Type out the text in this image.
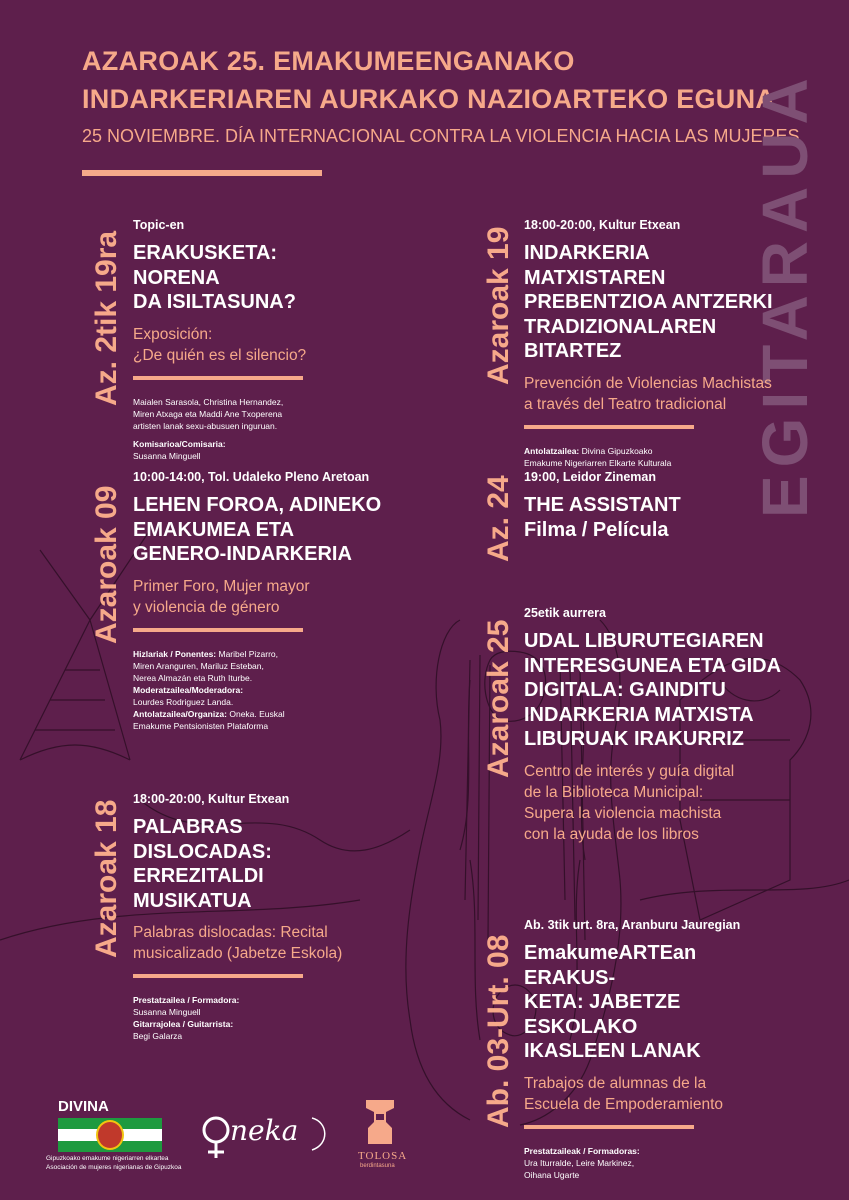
AZAROAK 25. EMAKUMEENGANAKO
INDARKERIAREN AURKAKO NAZIOARTEKO EGUNA
25 NOVIEMBRE. DÍA INTERNACIONAL CONTRA LA VIOLENCIA HACIA LAS MUJERES
EGITARAUA
Az. 2tik 19ra
Topic-en
ERAKUSKETA: NORENA
DA ISILTASUNA?
Exposición:
¿De quién es el silencio?
Maialen Sarasola, Christina Hernandez,
Miren Atxaga eta Maddi Ane Txoperena
artisten lanak sexu-abusuen inguruan.
Komisarioa/Comisaria:
Susanna Minguell
Azaroak 09
10:00-14:00, Tol. Udaleko Pleno Aretoan
LEHEN FOROA, ADINEKO
EMAKUMEA ETA
GENERO-INDARKERIA
Primer Foro, Mujer mayor
y violencia de género
Hizlariak / Ponentes: Maribel Pizarro,
Miren Aranguren, Mariluz Esteban,
Nerea Almazán eta Ruth Iturbe.
Moderatzailea/Moderadora:
Lourdes Rodriguez Landa.
Antolatzailea/Organiza: Oneka. Euskal
Emakume Pentsionisten Plataforma
Azaroak 18
18:00-20:00, Kultur Etxean
PALABRAS DISLOCADAS:
ERREZITALDI MUSIKATUA
Palabras dislocadas: Recital
musicalizado (Jabetze Eskola)
Prestatzailea / Formadora:
Susanna Minguell
Gitarrajolea / Guitarrista:
Begi Galarza
Azaroak 19
18:00-20:00, Kultur Etxean
INDARKERIA MATXISTAREN
PREBENTZIOA ANTZERKI
TRADIZIONALAREN BITARTEZ
Prevención de Violencias Machistas
a través del Teatro tradicional
Antolatzailea: Divina Gipuzkoako
Emakume Nigeriarren Elkarte Kulturala
Az. 24 19:00, Leidor Zineman
THE ASSISTANT
Filma / Película
Azaroak 25
25etik aurrera
UDAL LIBURUTEGIAREN
INTERESGUNEA ETA GIDA
DIGITALA: GAINDITU
INDARKERIA MATXISTA
LIBURUAK IRAKURRIZ
Centro de interés y guía digital
de la Biblioteca Municipal:
Supera la violencia machista
con la ayuda de los libros
Ab. 03-Urt. 08
Ab. 3tik urt. 8ra, Aranburu Jauregian
EmakumeARTEan ERAKUS-
KETA: JABETZE ESKOLAKO
IKASLEEN LANAK
Trabajos de alumnas de la
Escuela de Empoderamiento
Prestatzaileak / Formadoras:
Ura Iturralde, Leire Markinez,
Oihana Ugarte
DIVINA
Gipuzkoako emakume nigeriarren elkartea
Asociación de mujeres nigerianas de Gipuzkoa
neka
TOLOSA
berdintasuna
